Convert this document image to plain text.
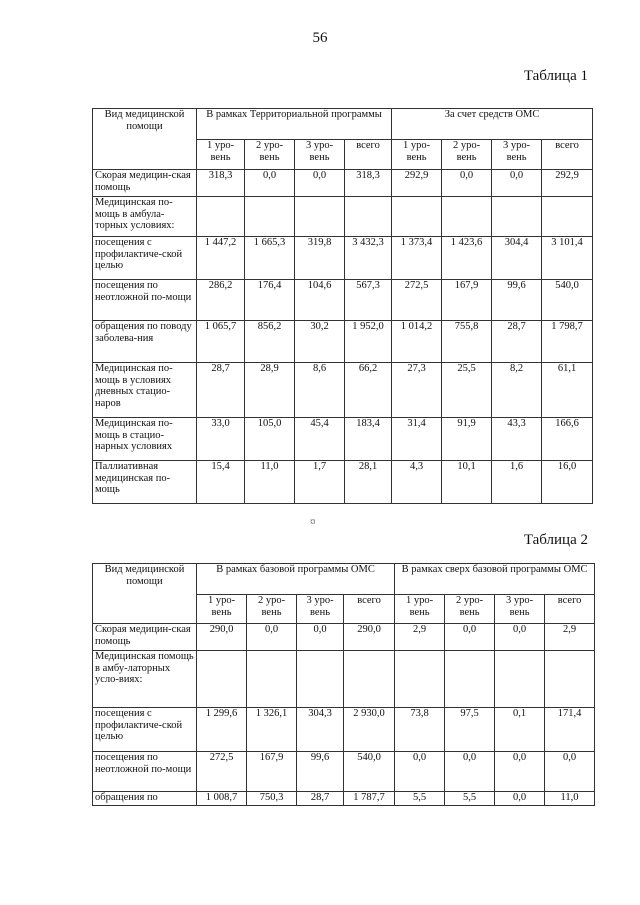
56
Таблица 1
¤
Вид медицинской помощи	В рамках Территориальной программы				За счет средств ОМС			
	1 уро-вень	2 уро-вень	3 уро-вень	всего	1 уро-вень	2 уро-вень	3 уро-вень	всего
Скорая медицин-ская помощь	318,3	0,0	0,0	318,3	292,9	0,0	0,0	292,9
Медицинская по-мощь в амбула-торных условиях:								
посещения с профилактиче-ской целью	1 447,2	1 665,3	319,8	3 432,3	1 373,4	1 423,6	304,4	3 101,4
посещения по неотложной по-мощи	286,2	176,4	104,6	567,3	272,5	167,9	99,6	540,0
обращения по поводу заболева-ния	1 065,7	856,2	30,2	1 952,0	1 014,2	755,8	28,7	1 798,7
Медицинская по-мощь в условиях дневных стацио-наров	28,7	28,9	8,6	66,2	27,3	25,5	8,2	61,1
Медицинская по-мощь в стацио-нарных условиях	33,0	105,0	45,4	183,4	31,4	91,9	43,3	166,6
Паллиативная медицинская по-мощь	15,4	11,0	1,7	28,1	4,3	10,1	1,6	16,0
Таблица 2
Вид медицинской помощи	В рамках базовой программы ОМС				В рамках сверх базовой программы ОМС			
	1 уро-вень	2 уро-вень	3 уро-вень	всего	1 уро-вень	2 уро-вень	3 уро-вень	всего
Скорая медицин-ская помощь	290,0	0,0	0,0	290,0	2,9	0,0	0,0	2,9
Медицинская помощь в амбу-латорных усло-виях:								
посещения с профилактиче-ской целью	1 299,6	1 326,1	304,3	2 930,0	73,8	97,5	0,1	171,4
посещения по неотложной по-мощи	272,5	167,9	99,6	540,0	0,0	0,0	0,0	0,0
обращения по	1 008,7	750,3	28,7	1 787,7	5,5	5,5	0,0	11,0
